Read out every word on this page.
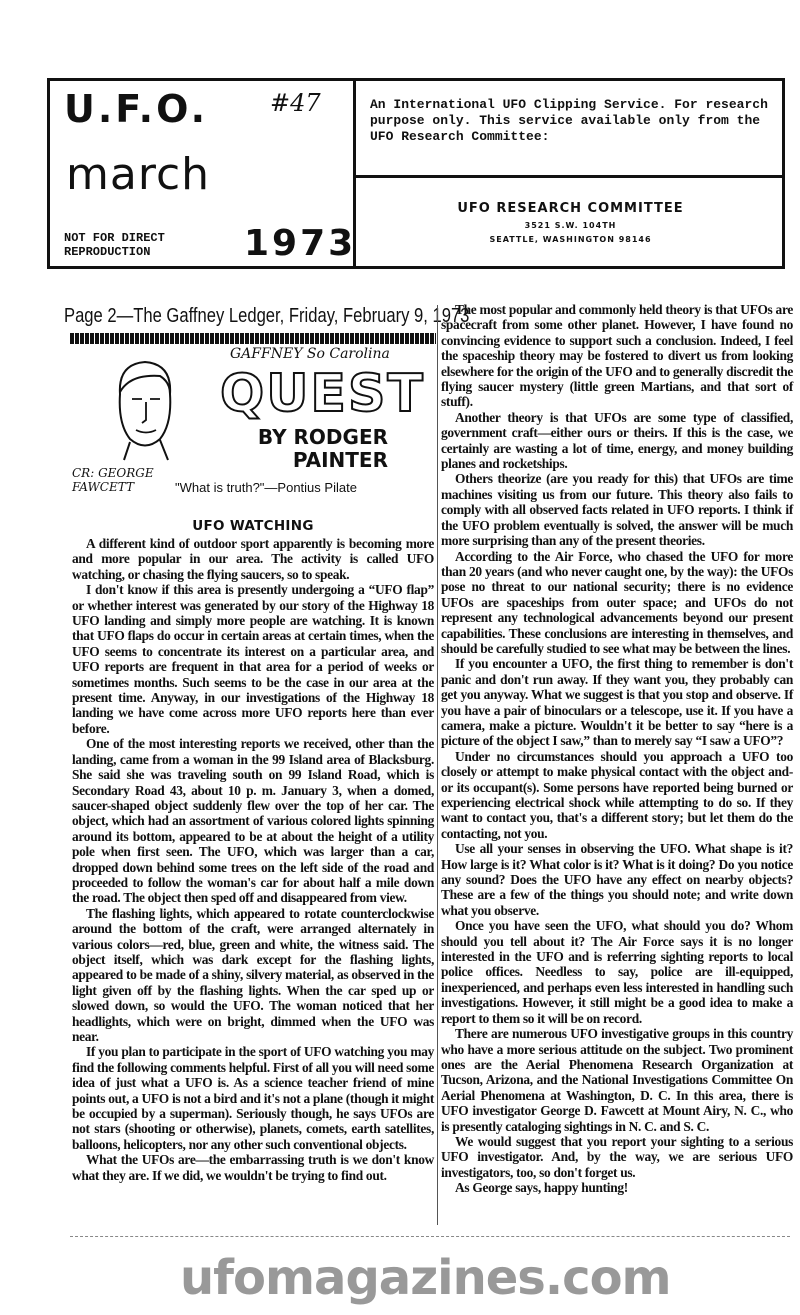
U.F.O.	#47
march
NOT FOR DIRECT REPRODUCTION	1973
An International UFO Clipping Service. For research purpose only. This service available only from the UFO Research Committee:
UFO RESEARCH COMMITTEE
3521 S.W. 104TH
SEATTLE, WASHINGTON 98146
Page 2—The Gaffney Ledger, Friday, February 9, 1973
GAFFNEY So Carolina
QUEST
BY RODGER PAINTER
CR: GEORGE FAWCETT	"What is truth?"—Pontius Pilate
UFO WATCHING

A different kind of outdoor sport apparently is becoming more and more popular in our area. The activity is called UFO watching, or chasing the flying saucers, so to speak.

I don't know if this area is presently undergoing a “UFO flap” or whether interest was generated by our story of the Highway 18 UFO landing and simply more people are watching. It is known that UFO flaps do occur in certain areas at certain times, when the UFO seems to concentrate its interest on a particular area, and UFO reports are frequent in that area for a period of weeks or sometimes months. Such seems to be the case in our area at the present time. Anyway, in our investigations of the Highway 18 landing we have come across more UFO reports here than ever before.

One of the most interesting reports we received, other than the landing, came from a woman in the 99 Island area of Blacksburg. She said she was traveling south on 99 Island Road, which is Secondary Road 43, about 10 p. m. January 3, when a domed, saucer-shaped object suddenly flew over the top of her car. The object, which had an assortment of various colored lights spinning around its bottom, appeared to be at about the height of a utility pole when first seen. The UFO, which was larger than a car, dropped down behind some trees on the left side of the road and proceeded to follow the woman's car for about half a mile down the road. The object then sped off and disappeared from view.

The flashing lights, which appeared to rotate counterclockwise around the bottom of the craft, were arranged alternately in various colors—red, blue, green and white, the witness said. The object itself, which was dark except for the flashing lights, appeared to be made of a shiny, silvery material, as observed in the light given off by the flashing lights. When the car sped up or slowed down, so would the UFO. The woman noticed that her headlights, which were on bright, dimmed when the UFO was near.

If you plan to participate in the sport of UFO watching you may find the following comments helpful. First of all you will need some idea of just what a UFO is. As a science teacher friend of mine points out, a UFO is not a bird and it's not a plane (though it might be occupied by a superman). Seriously though, he says UFOs are not stars (shooting or otherwise), planets, comets, earth satellites, balloons, helicopters, nor any other such conventional objects.

What the UFOs are—the embarrassing truth is we don't know what they are. If we did, we wouldn't be trying to find out.

The most popular and commonly held theory is that UFOs are spacecraft from some other planet. However, I have found no convincing evidence to support such a conclusion. Indeed, I feel the spaceship theory may be fostered to divert us from looking elsewhere for the origin of the UFO and to generally discredit the flying saucer mystery (little green Martians, and that sort of stuff).

Another theory is that UFOs are some type of classified, government craft—either ours or theirs. If this is the case, we certainly are wasting a lot of time, energy, and money building planes and rocketships.

Others theorize (are you ready for this) that UFOs are time machines visiting us from our future. This theory also fails to comply with all observed facts related in UFO reports. I think if the UFO problem eventually is solved, the answer will be much more surprising than any of the present theories.

According to the Air Force, who chased the UFO for more than 20 years (and who never caught one, by the way): the UFOs pose no threat to our national security; there is no evidence UFOs are spaceships from outer space; and UFOs do not represent any technological advancements beyond our present capabilities. These conclusions are interesting in themselves, and should be carefully studied to see what may be between the lines.

If you encounter a UFO, the first thing to remember is don't panic and don't run away. If they want you, they probably can get you anyway. What we suggest is that you stop and observe. If you have a pair of binoculars or a telescope, use it. If you have a camera, make a picture. Wouldn't it be better to say “here is a picture of the object I saw,” than to merely say “I saw a UFO”?

Under no circumstances should you approach a UFO too closely or attempt to make physical contact with the object and-or its occupant(s). Some persons have reported being burned or experiencing electrical shock while attempting to do so. If they want to contact you, that's a different story; but let them do the contacting, not you.

Use all your senses in observing the UFO. What shape is it? How large is it? What color is it? What is it doing? Do you notice any sound? Does the UFO have any effect on nearby objects? These are a few of the things you should note; and write down what you observe.

Once you have seen the UFO, what should you do? Whom should you tell about it? The Air Force says it is no longer interested in the UFO and is referring sighting reports to local police offices. Needless to say, police are ill-equipped, inexperienced, and perhaps even less interested in handling such investigations. However, it still might be a good idea to make a report to them so it will be on record.

There are numerous UFO investigative groups in this country who have a more serious attitude on the subject. Two prominent ones are the Aerial Phenomena Research Organization at Tucson, Arizona, and the National Investigations Committee On Aerial Phenomena at Washington, D. C. In this area, there is UFO investigator George D. Fawcett at Mount Airy, N. C., who is presently cataloging sightings in N. C. and S. C.

We would suggest that you report your sighting to a serious UFO investigator. And, by the way, we are serious UFO investigators, too, so don't forget us.

As George says, happy hunting!

ufomagazines.com
